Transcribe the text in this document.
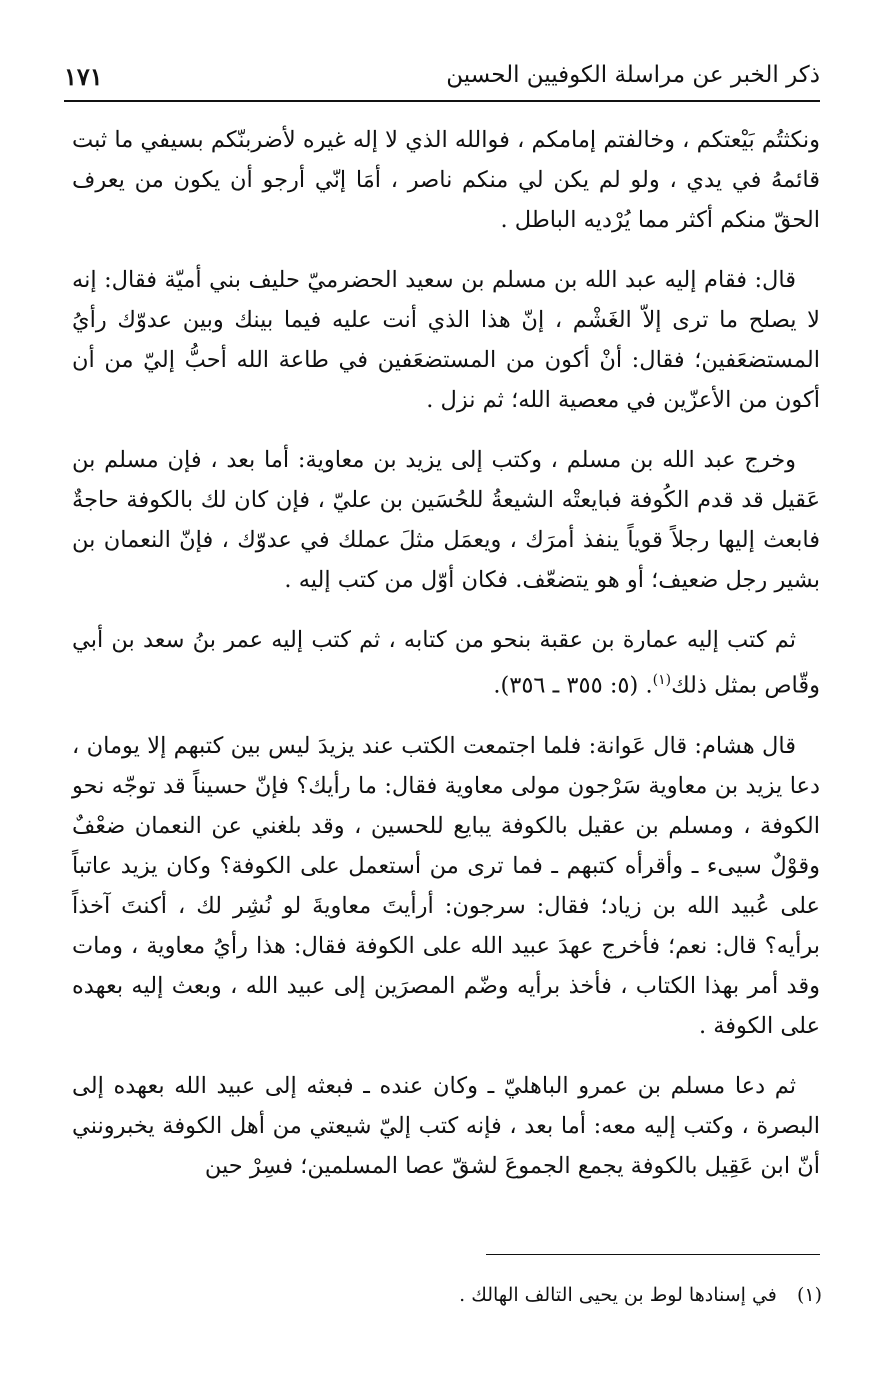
ذكر الخبر عن مراسلة الكوفيين الحسين
١٧١

ونكثتُم بَيْعتكم ، وخالفتم إمامكم ، فوالله الذي لا إله غيره لأضربنّكم بسيفي ما ثبت قائمهُ في يدي ، ولو لم يكن لي منكم ناصر ، أمَا إنّي أرجو أن يكون من يعرف الحقّ منكم أكثر مما يُرْديه الباطل .

قال: فقام إليه عبد الله بن مسلم بن سعيد الحضرميّ حليف بني أميّة فقال: إنه لا يصلح ما ترى إلاّ الغَشْم ، إنّ هذا الذي أنت عليه فيما بينك وبين عدوّك رأيُ المستضعَفين؛ فقال: أنْ أكون من المستضعَفين في طاعة الله أحبُّ إليّ من أن أكون من الأعزّين في معصية الله؛ ثم نزل .

وخرج عبد الله بن مسلم ، وكتب إلى يزيد بن معاوية: أما بعد ، فإن مسلم بن عَقيل قد قدم الكُوفة فبايعتْه الشيعةُ للحُسَين بن عليّ ، فإن كان لك بالكوفة حاجةٌ فابعث إليها رجلاً قوياً ينفذ أمرَك ، ويعمَل مثلَ عملك في عدوّك ، فإنّ النعمان بن بشير رجل ضعيف؛ أو هو يتضعّف. فكان أوّل من كتب إليه .

ثم كتب إليه عمارة بن عقبة بنحو من كتابه ، ثم كتب إليه عمر بنُ سعد بن أبي وقّاص بمثل ذلك$^{(١)}$. (٥: ٣٥٥ ـ ٣٥٦).

قال هشام: قال عَوانة: فلما اجتمعت الكتب عند يزيدَ ليس بين كتبهم إلا يومان ، دعا يزيد بن معاوية سَرْجون مولى معاوية فقال: ما رأيك؟ فإنّ حسيناً قد توجّه نحو الكوفة ، ومسلم بن عقيل بالكوفة يبايع للحسين ، وقد بلغني عن النعمان ضعْفٌ وقوْلٌ سيىء ـ وأقرأه كتبهم ـ فما ترى من أستعمل على الكوفة؟ وكان يزيد عاتباً على عُبيد الله بن زياد؛ فقال: سرجون: أرأيتَ معاويةَ لو نُشِر لك ، أكنتَ آخذاً برأيه؟ قال: نعم؛ فأخرج عهدَ عبيد الله على الكوفة فقال: هذا رأيُ معاوية ، ومات وقد أمر بهذا الكتاب ، فأخذ برأيه وضّم المصرَين إلى عبيد الله ، وبعث إليه بعهده على الكوفة .

ثم دعا مسلم بن عمرو الباهليّ ـ وكان عنده ـ فبعثه إلى عبيد الله بعهده إلى البصرة ، وكتب إليه معه: أما بعد ، فإنه كتب إليّ شيعتي من أهل الكوفة يخبرونني أنّ ابن عَقِيل بالكوفة يجمع الجموعَ لشقّ عصا المسلمين؛ فسِرْ حين

(١) في إسنادها لوط بن يحيى التالف الهالك .
